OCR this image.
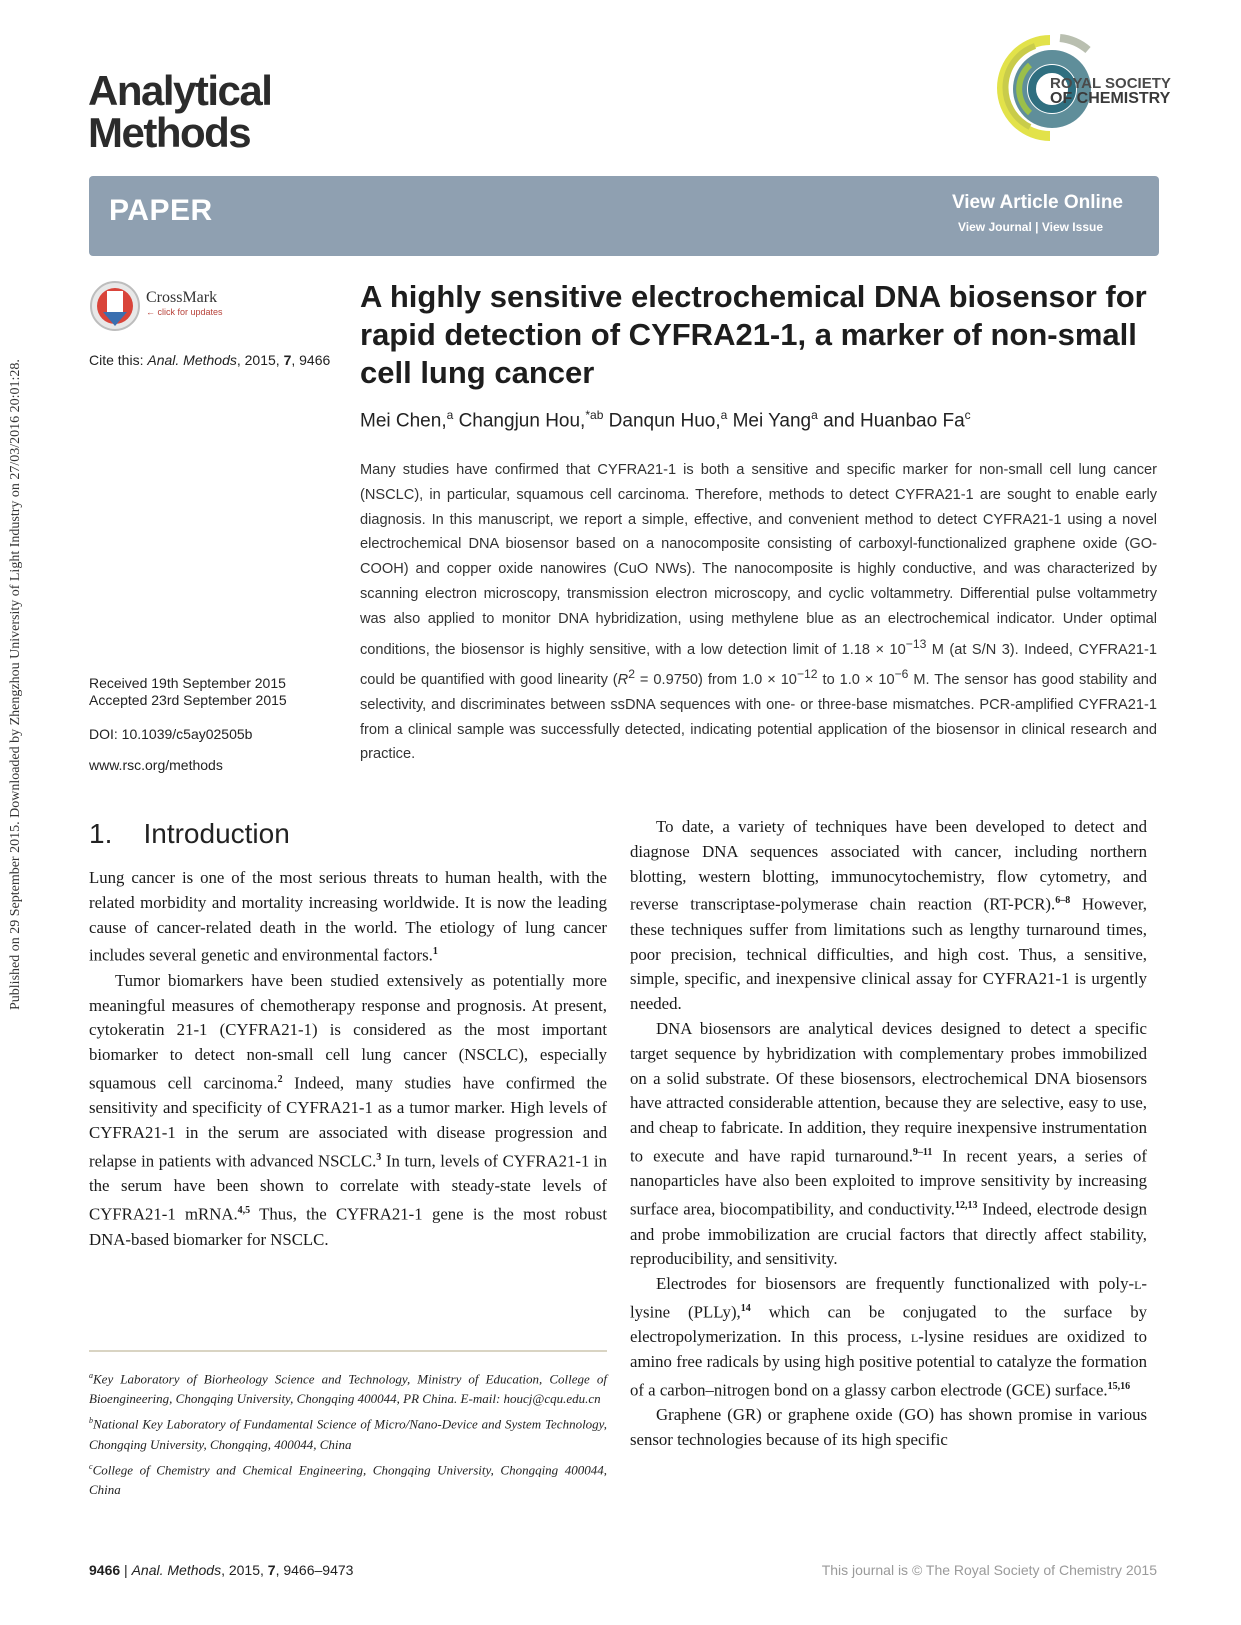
Published on 29 September 2015. Downloaded by Zhengzhou University of Light Industry on 27/03/2016 20:01:28.
Analytical
Methods
ROYAL SOCIETY
OF CHEMISTRY
PAPER	View Article Online
View Journal | View Issue
CrossMark
← click for updates
Cite this: Anal. Methods, 2015, 7, 9466
A highly sensitive electrochemical DNA biosensor for rapid detection of CYFRA21-1, a marker of non-small cell lung cancer
Mei Chen,$^a$ Changjun Hou,$^{*ab}$ Danqun Huo,$^a$ Mei Yang$^a$ and Huanbao Fa$^c$
Many studies have confirmed that CYFRA21-1 is both a sensitive and specific marker for non-small cell lung cancer (NSCLC), in particular, squamous cell carcinoma. Therefore, methods to detect CYFRA21-1 are sought to enable early diagnosis. In this manuscript, we report a simple, effective, and convenient method to detect CYFRA21-1 using a novel electrochemical DNA biosensor based on a nanocomposite consisting of carboxyl-functionalized graphene oxide (GO-COOH) and copper oxide nanowires (CuO NWs). The nanocomposite is highly conductive, and was characterized by scanning electron microscopy, transmission electron microscopy, and cyclic voltammetry. Differential pulse voltammetry was also applied to monitor DNA hybridization, using methylene blue as an electrochemical indicator. Under optimal conditions, the biosensor is highly sensitive, with a low detection limit of $1.18 \times 10^{-13}$ M (at S/N 3). Indeed, CYFRA21-1 could be quantified with good linearity $(R^2 = 0.9750)$ from $1.0 \times 10^{-12}$ to $1.0 \times 10^{-6}$ M. The sensor has good stability and selectivity, and discriminates between ssDNA sequences with one- or three-base mismatches. PCR-amplified CYFRA21-1 from a clinical sample was successfully detected, indicating potential application of the biosensor in clinical research and practice.
Received 19th September 2015
Accepted 23rd September 2015
DOI: 10.1039/c5ay02505b
www.rsc.org/methods
1.    Introduction

Lung cancer is one of the most serious threats to human health, with the related morbidity and mortality increasing worldwide. It is now the leading cause of cancer-related death in the world. The etiology of lung cancer includes several genetic and environmental factors.$^1$

Tumor biomarkers have been studied extensively as potentially more meaningful measures of chemotherapy response and prognosis. At present, cytokeratin 21-1 (CYFRA21-1) is considered as the most important biomarker to detect non-small cell lung cancer (NSCLC), especially squamous cell carcinoma.$^2$ Indeed, many studies have confirmed the sensitivity and specificity of CYFRA21-1 as a tumor marker. High levels of CYFRA21-1 in the serum are associated with disease progression and relapse in patients with advanced NSCLC.$^3$ In turn, levels of CYFRA21-1 in the serum have been shown to correlate with steady-state levels of CYFRA21-1 mRNA.$^{4,5}$ Thus, the CYFRA21-1 gene is the most robust DNA-based biomarker for NSCLC.

$^a$Key Laboratory of Biorheology Science and Technology, Ministry of Education, College of Bioengineering, Chongqing University, Chongqing 400044, PR China. E-mail: houcj@cqu.edu.cn

$^b$National Key Laboratory of Fundamental Science of Micro/Nano-Device and System Technology, Chongqing University, Chongqing, 400044, China

$^c$College of Chemistry and Chemical Engineering, Chongqing University, Chongqing 400044, China

To date, a variety of techniques have been developed to detect and diagnose DNA sequences associated with cancer, including northern blotting, western blotting, immunocytochemistry, flow cytometry, and reverse transcriptase-polymerase chain reaction (RT-PCR).$^{6-8}$ However, these techniques suffer from limitations such as lengthy turnaround times, poor precision, technical difficulties, and high cost. Thus, a sensitive, simple, specific, and inexpensive clinical assay for CYFRA21-1 is urgently needed.

DNA biosensors are analytical devices designed to detect a specific target sequence by hybridization with complementary probes immobilized on a solid substrate. Of these biosensors, electrochemical DNA biosensors have attracted considerable attention, because they are selective, easy to use, and cheap to fabricate. In addition, they require inexpensive instrumentation to execute and have rapid turnaround.$^{9-11}$ In recent years, a series of nanoparticles have also been exploited to improve sensitivity by increasing surface area, biocompatibility, and conductivity.$^{12,13}$ Indeed, electrode design and probe immobilization are crucial factors that directly affect stability, reproducibility, and sensitivity.

Electrodes for biosensors are frequently functionalized with poly-l-lysine (PLLy),$^{14}$ which can be conjugated to the surface by electropolymerization. In this process, l-lysine residues are oxidized to amino free radicals by using high positive potential to catalyze the formation of a carbon–nitrogen bond on a glassy carbon electrode (GCE) surface.$^{15,16}$

Graphene (GR) or graphene oxide (GO) has shown promise in various sensor technologies because of its high specific

9466 | Anal. Methods, 2015, 7, 9466–9473	This journal is © The Royal Society of Chemistry 2015
